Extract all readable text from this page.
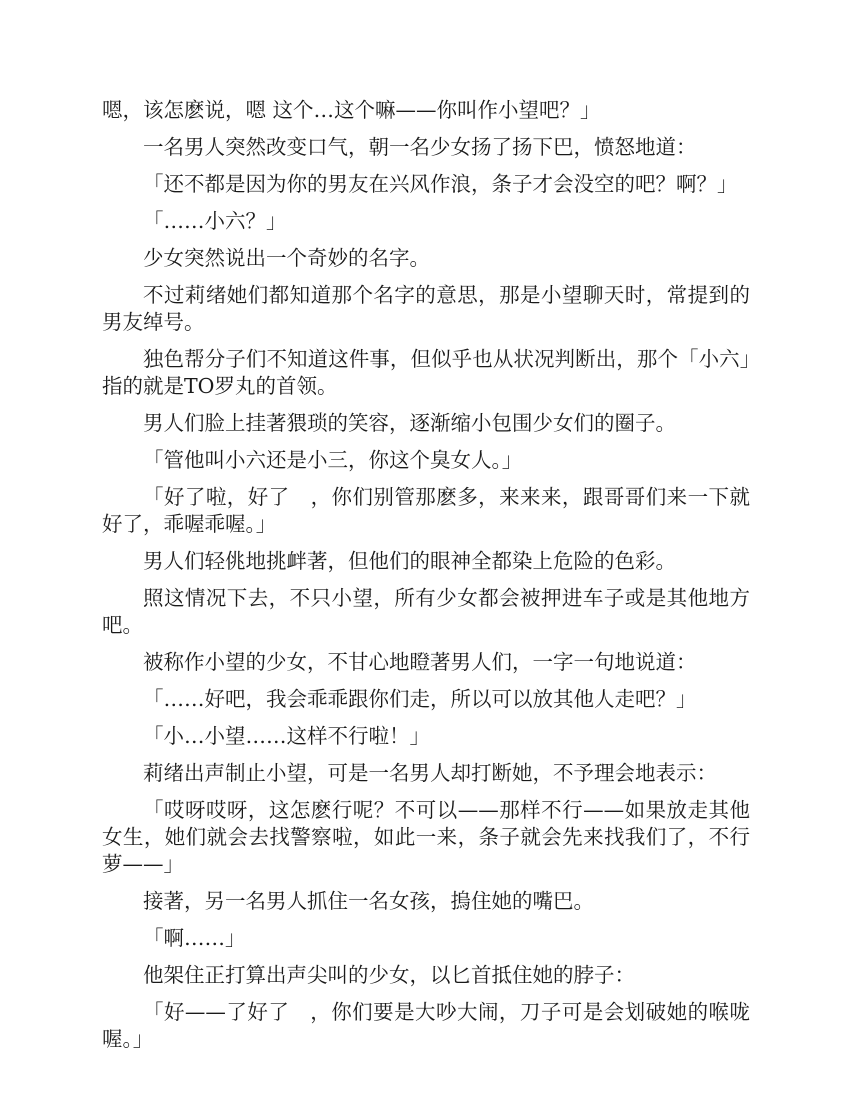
嗯，该怎麽说，嗯 这个…这个嘛——你叫作小望吧？」

一名男人突然改变口气，朝一名少女扬了扬下巴，愤怒地道：

「还不都是因为你的男友在兴风作浪，条子才会没空的吧？啊？」

「……小六？」

少女突然说出一个奇妙的名字。

不过莉绪她们都知道那个名字的意思，那是小望聊天时，常提到的男友绰号。

独色帮分子们不知道这件事，但似乎也从状况判断出，那个「小六」指的就是TO罗丸的首领。

男人们脸上挂著猥琐的笑容，逐渐缩小包围少女们的圈子。

「管他叫小六还是小三，你这个臭女人。」

「好了啦，好了　，你们别管那麽多，来来来，跟哥哥们来一下就好了，乖喔乖喔。」

男人们轻佻地挑衅著，但他们的眼神全都染上危险的色彩。

照这情况下去，不只小望，所有少女都会被押进车子或是其他地方吧。

被称作小望的少女，不甘心地瞪著男人们，一字一句地说道：

「……好吧，我会乖乖跟你们走，所以可以放其他人走吧？」

「小…小望……这样不行啦！」

莉绪出声制止小望，可是一名男人却打断她，不予理会地表示：

「哎呀哎呀，这怎麽行呢？不可以——那样不行——如果放走其他女生，她们就会去找警察啦，如此一来，条子就会先来找我们了，不行萝——」

接著，另一名男人抓住一名女孩，摀住她的嘴巴。

「啊……」

他架住正打算出声尖叫的少女，以匕首抵住她的脖子：

「好——了好了　，你们要是大吵大闹，刀子可是会划破她的喉咙喔。」
